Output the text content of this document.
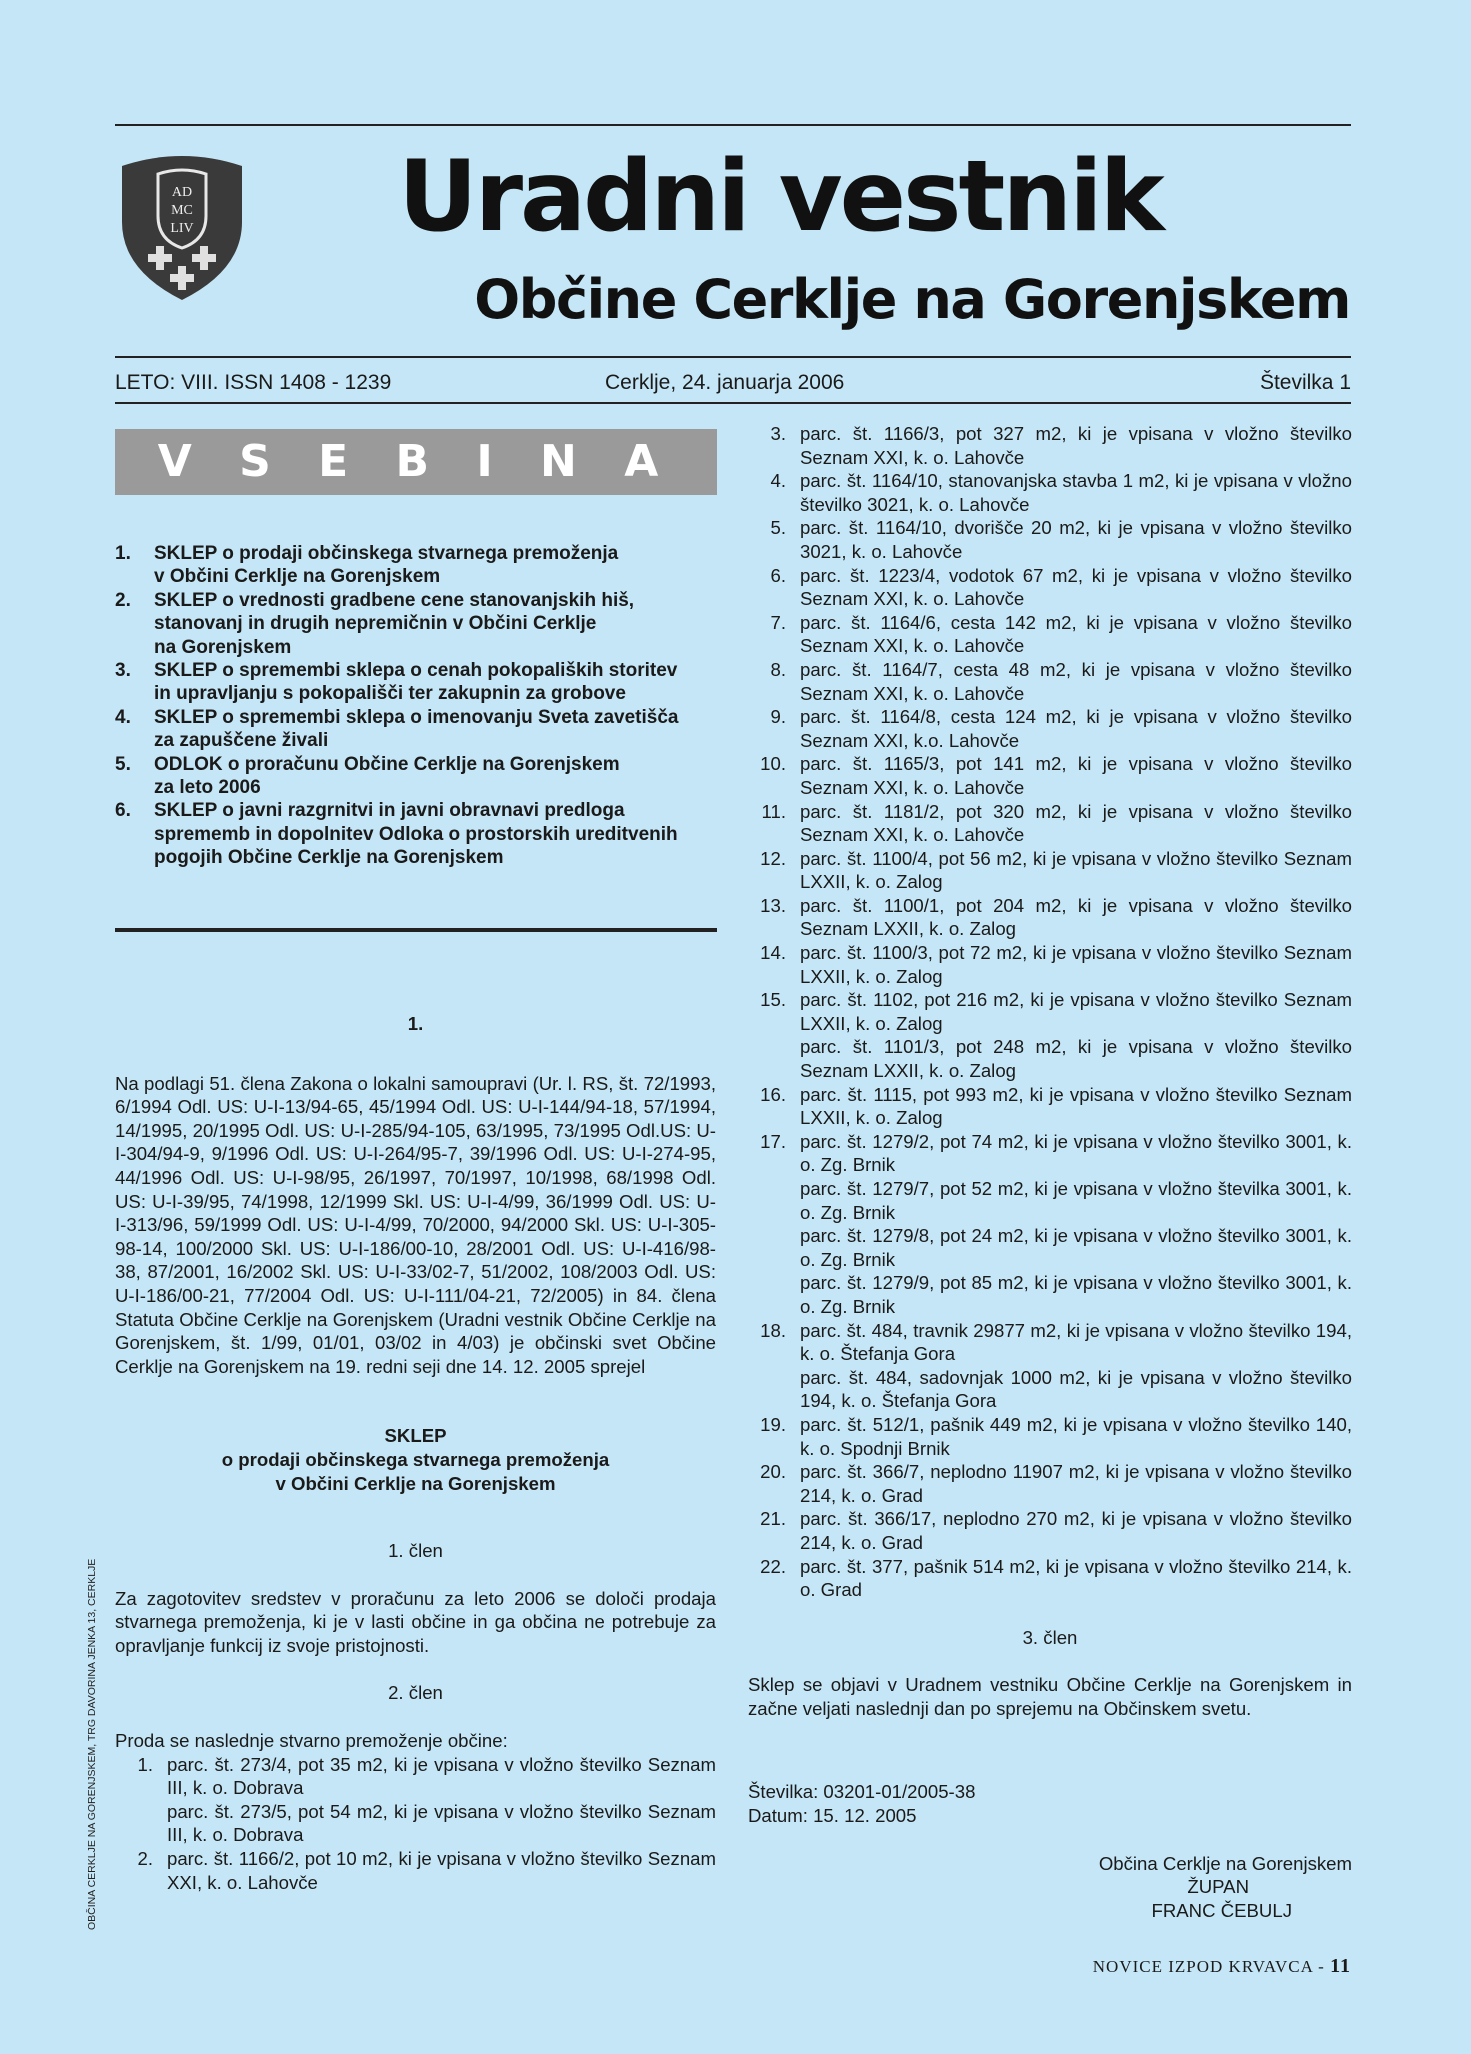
AD
MC
LIV	Uradni vestnik
Občine Cerklje na Gorenjskem
LETO: VIII. ISSN 1408 - 1239	Cerklje, 24. januarja 2006	Številka 1
V S E B I N A
1.	SKLEP o prodaji občinskega stvarnega premoženja
v Občini Cerklje na Gorenjskem
2.	SKLEP o vrednosti gradbene cene stanovanjskih hiš,
stanovanj in drugih nepremičnin v Občini Cerklje
na Gorenjskem
3.	SKLEP o spremembi sklepa o cenah pokopaliških storitev
in upravljanju s pokopališči ter zakupnin za grobove
4.	SKLEP o spremembi sklepa o imenovanju Sveta zavetišča
za zapuščene živali
5.	ODLOK o proračunu Občine Cerklje na Gorenjskem
za leto 2006
6.	SKLEP o javni razgrnitvi in javni obravnavi predloga
sprememb in dopolnitev Odloka o prostorskih ureditvenih
pogojih Občine Cerklje na Gorenjskem
1.
Na podlagi 51. člena Zakona o lokalni samoupravi (Ur. l. RS, št. 72/1993, 6/1994 Odl. US: U-I-13/94-65, 45/1994 Odl. US: U-I-144/94-18, 57/1994, 14/1995, 20/1995 Odl. US: U-I-285/94-105, 63/1995, 73/1995 Odl.US: U-I-304/94-9, 9/1996 Odl. US: U-I-264/95-7, 39/1996 Odl. US: U-I-274-95, 44/1996 Odl. US: U-I-98/95, 26/1997, 70/1997, 10/1998, 68/1998 Odl. US: U-I-39/95, 74/1998, 12/1999 Skl. US: U-I-4/99, 36/1999 Odl. US: U-I-313/96, 59/1999 Odl. US: U-I-4/99, 70/2000, 94/2000 Skl. US: U-I-305-98-14, 100/2000 Skl. US: U-I-186/00-10, 28/2001 Odl. US: U-I-416/98-38, 87/2001, 16/2002 Skl. US: U-I-33/02-7, 51/2002, 108/2003 Odl. US: U-I-186/00-21, 77/2004 Odl. US: U-I-111/04-21, 72/2005) in 84. člena Statuta Občine Cerklje na Gorenjskem (Uradni vestnik Občine Cerklje na Gorenjskem, št. 1/99, 01/01, 03/02 in 4/03) je občinski svet Občine Cerklje na Gorenjskem na 19. redni seji dne 14. 12. 2005 sprejel
SKLEP
o prodaji občinskega stvarnega premoženja
v Občini Cerklje na Gorenjskem
1. člen
Za zagotovitev sredstev v proračunu za leto 2006 se določi prodaja stvarnega premoženja, ki je v lasti občine in ga občina ne potrebuje za opravljanje funkcij iz svoje pristojnosti.
2. člen
Proda se naslednje stvarno premoženje občine:
1. parc. št. 273/4, pot 35 m2, ki je vpisana v vložno številko Seznam III, k. o. Dobrava
parc. št. 273/5, pot 54 m2, ki je vpisana v vložno številko Seznam III, k. o. Dobrava
2. parc. št. 1166/2, pot 10 m2, ki je vpisana v vložno številko Seznam XXI, k. o. Lahovče
3. parc. št. 1166/3, pot 327 m2, ki je vpisana v vložno številko Seznam XXI, k. o. Lahovče
4. parc. št. 1164/10, stanovanjska stavba 1 m2, ki je vpisana v vložno številko 3021, k. o. Lahovče
5. parc. št. 1164/10, dvorišče 20 m2, ki je vpisana v vložno številko 3021, k. o. Lahovče
6. parc. št. 1223/4, vodotok 67 m2, ki je vpisana v vložno številko Seznam XXI, k. o. Lahovče
7. parc. št. 1164/6, cesta 142 m2, ki je vpisana v vložno številko Seznam XXI, k. o. Lahovče
8. parc. št. 1164/7, cesta 48 m2, ki je vpisana v vložno številko Seznam XXI, k. o. Lahovče
9. parc. št. 1164/8, cesta 124 m2, ki je vpisana v vložno številko Seznam XXI, k.o. Lahovče
10. parc. št. 1165/3, pot 141 m2, ki je vpisana v vložno številko Seznam XXI, k. o. Lahovče
11. parc. št. 1181/2, pot 320 m2, ki je vpisana v vložno številko Seznam XXI, k. o. Lahovče
12. parc. št. 1100/4, pot 56 m2, ki je vpisana v vložno številko Seznam LXXII, k. o. Zalog
13. parc. št. 1100/1, pot 204 m2, ki je vpisana v vložno številko Seznam LXXII, k. o. Zalog
14. parc. št. 1100/3, pot 72 m2, ki je vpisana v vložno številko Seznam LXXII, k. o. Zalog
15. parc. št. 1102, pot 216 m2, ki je vpisana v vložno številko Seznam LXXII, k. o. Zalog
parc. št. 1101/3, pot 248 m2, ki je vpisana v vložno številko Seznam LXXII, k. o. Zalog
16. parc. št. 1115, pot 993 m2, ki je vpisana v vložno številko Seznam LXXII, k. o. Zalog
17. parc. št. 1279/2, pot 74 m2, ki je vpisana v vložno številko 3001, k. o. Zg. Brnik
parc. št. 1279/7, pot 52 m2, ki je vpisana v vložno številka 3001, k. o. Zg. Brnik
parc. št. 1279/8, pot 24 m2, ki je vpisana v vložno številko 3001, k. o. Zg. Brnik
parc. št. 1279/9, pot 85 m2, ki je vpisana v vložno številko 3001, k. o. Zg. Brnik
18. parc. št. 484, travnik 29877 m2, ki je vpisana v vložno številko 194, k. o. Štefanja Gora
parc. št. 484, sadovnjak 1000 m2, ki je vpisana v vložno številko 194, k. o. Štefanja Gora
19. parc. št. 512/1, pašnik 449 m2, ki je vpisana v vložno številko 140, k. o. Spodnji Brnik
20. parc. št. 366/7, neplodno 11907 m2, ki je vpisana v vložno številko 214, k. o. Grad
21. parc. št. 366/17, neplodno 270 m2, ki je vpisana v vložno številko 214, k. o. Grad
22. parc. št. 377, pašnik 514 m2, ki je vpisana v vložno številko 214, k. o. Grad
3. člen
Sklep se objavi v Uradnem vestniku Občine Cerklje na Gorenjskem in začne veljati naslednji dan po sprejemu na Občinskem svetu.
Številka: 03201-01/2005-38
Datum: 15. 12. 2005
Občina Cerklje na Gorenjskem
ŽUPAN
FRANC ČEBULJ
OBČINA CERKLJE NA GORENJSKEM, TRG DAVORINA JENKA 13, CERKLJE
NOVICE IZPOD KRVAVCA - 11
